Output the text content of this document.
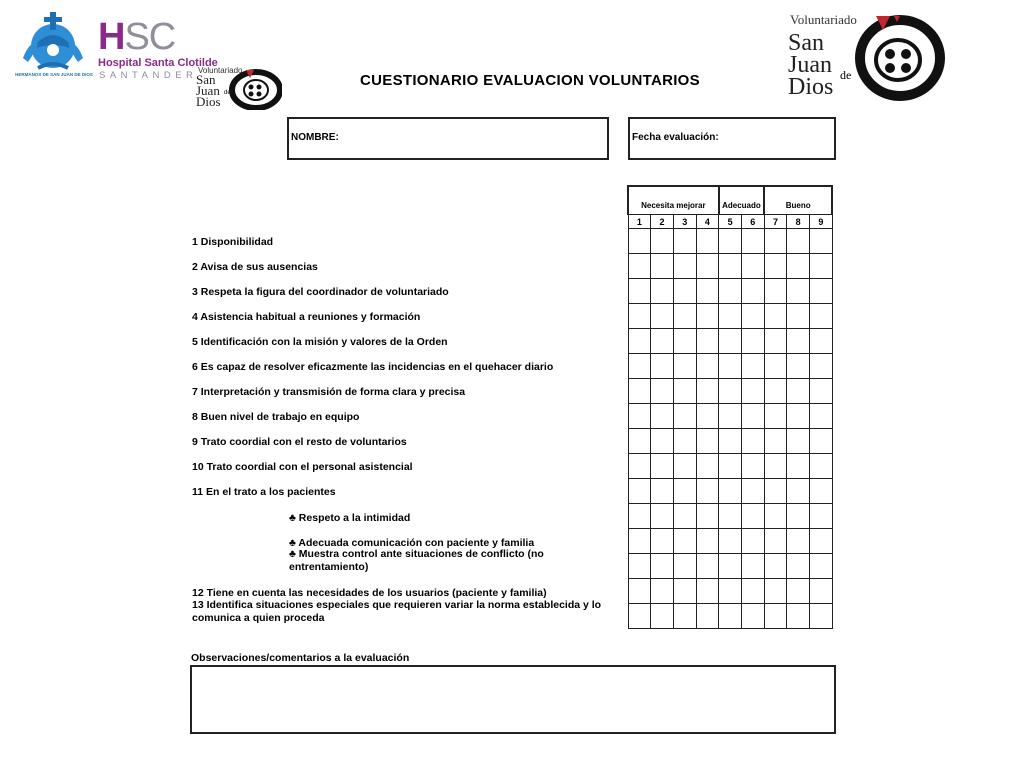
HERMANOS DE SAN JUAN DE DIOS
HSC
Hospital Santa Clotilde
SANTANDER Voluntariado
San
Juan de
Dios
Voluntariado
San
Juan de
Dios
CUESTIONARIO EVALUACION VOLUNTARIOS
NOMBRE:	Fecha evaluación:
Necesita mejorar				Adecuado		Bueno		
1	2	3	4	5	6	7	8	9

1 Disponibilidad
2 Avisa de sus ausencias
3 Respeta la figura del coordinador de voluntariado
4 Asistencia habitual a reuniones y formación
5 Identificación con la misión y valores de la Orden
6 Es capaz de resolver eficazmente las incidencias en el quehacer diario
7 Interpretación y transmisión de forma clara y precisa
8 Buen nivel de trabajo en equipo
9 Trato coordial con el resto de voluntarios
10 Trato coordial con el personal asistencial
11 En el trato a los pacientes
♣ Respeto a la intimidad
♣ Adecuada comunicación con paciente y familia
♣ Muestra control ante situaciones de conflicto (no entrentamiento)
12 Tiene en cuenta las necesidades de los usuarios (paciente y familia)
13 Identifica situaciones especiales que requieren variar la norma establecida y lo comunica a quien proceda
Observaciones/comentarios a la evaluación
